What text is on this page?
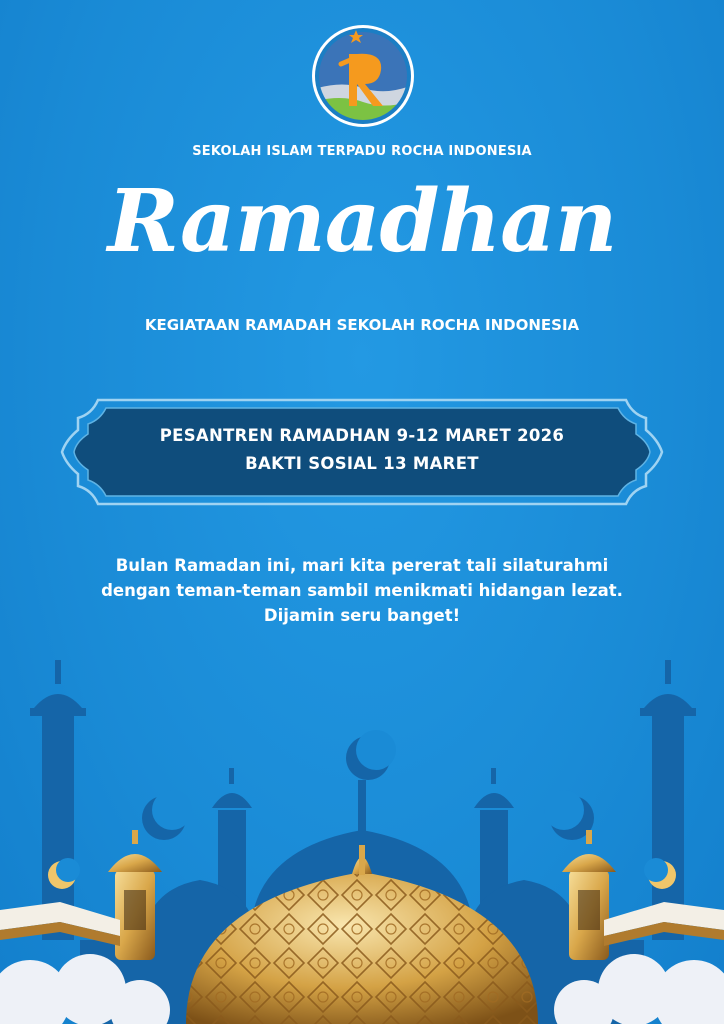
SEKOLAH ISLAM TERPADU ROCHA INDONESIA
Ramadhan
KEGIATAAN RAMADAH SEKOLAH ROCHA INDONESIA
PESANTREN RAMADHAN 9-12 MARET 2026
BAKTI SOSIAL 13 MARET
Bulan Ramadan ini, mari kita pererat tali silaturahmi
dengan teman-teman sambil menikmati hidangan lezat.
Dijamin seru banget!
